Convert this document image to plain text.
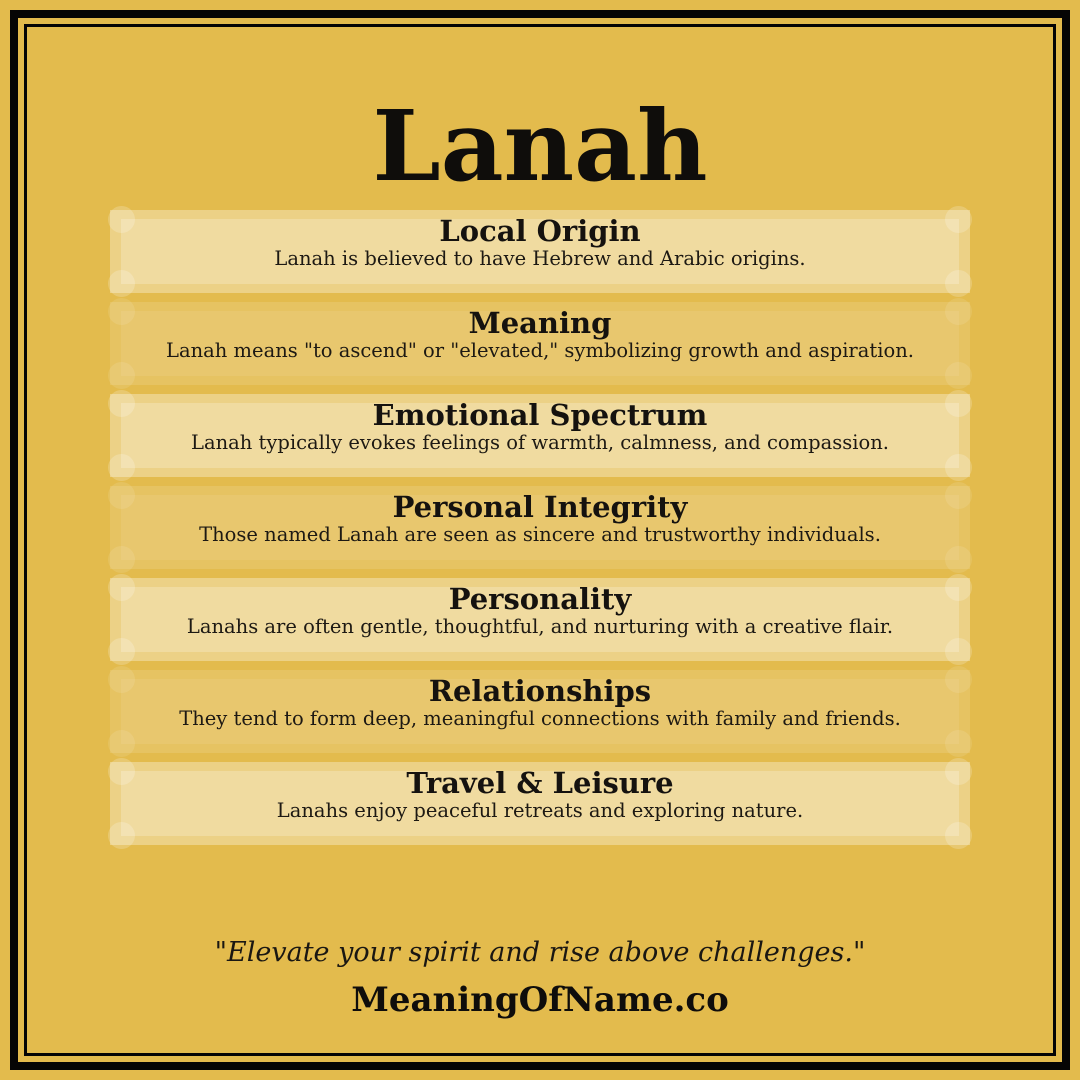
Lanah
Local Origin

Lanah is believed to have Hebrew and Arabic origins.

Meaning

Lanah means "to ascend" or "elevated," symbolizing growth and aspiration.

Emotional Spectrum

Lanah typically evokes feelings of warmth, calmness, and compassion.

Personal Integrity

Those named Lanah are seen as sincere and trustworthy individuals.

Personality

Lanahs are often gentle, thoughtful, and nurturing with a creative flair.

Relationships

They tend to form deep, meaningful connections with family and friends.

Travel & Leisure

Lanahs enjoy peaceful retreats and exploring nature.

"Elevate your spirit and rise above challenges."
MeaningOfName.co
